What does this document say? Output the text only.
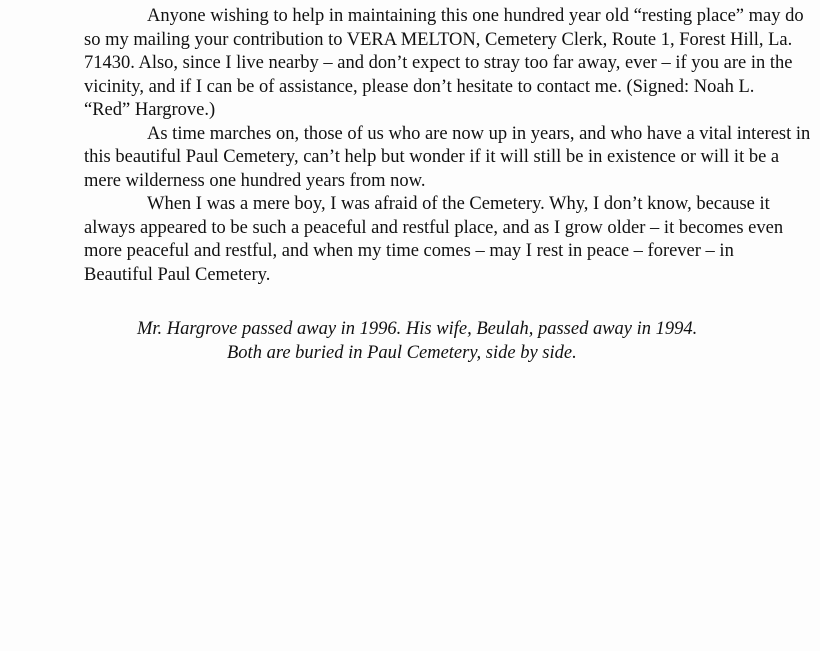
Anyone wishing to help in maintaining this one hundred year old “resting place” may do
so my mailing your contribution to VERA MELTON, Cemetery Clerk, Route 1, Forest Hill, La.
71430. Also, since I live nearby – and don’t expect to stray too far away, ever – if you are in the
vicinity, and if I can be of assistance, please don’t hesitate to contact me. (Signed: Noah L.
“Red” Hargrove.)

As time marches on, those of us who are now up in years, and who have a vital interest in
this beautiful Paul Cemetery, can’t help but wonder if it will still be in existence or will it be a
mere wilderness one hundred years from now.

When I was a mere boy, I was afraid of the Cemetery. Why, I don’t know, because it
always appeared to be such a peaceful and restful place, and as I grow older – it becomes even
more peaceful and restful, and when my time comes – may I rest in peace – forever – in
Beautiful Paul Cemetery.

Mr. Hargrove passed away in 1996. His wife, Beulah, passed away in 1994.
Both are buried in Paul Cemetery, side by side.
